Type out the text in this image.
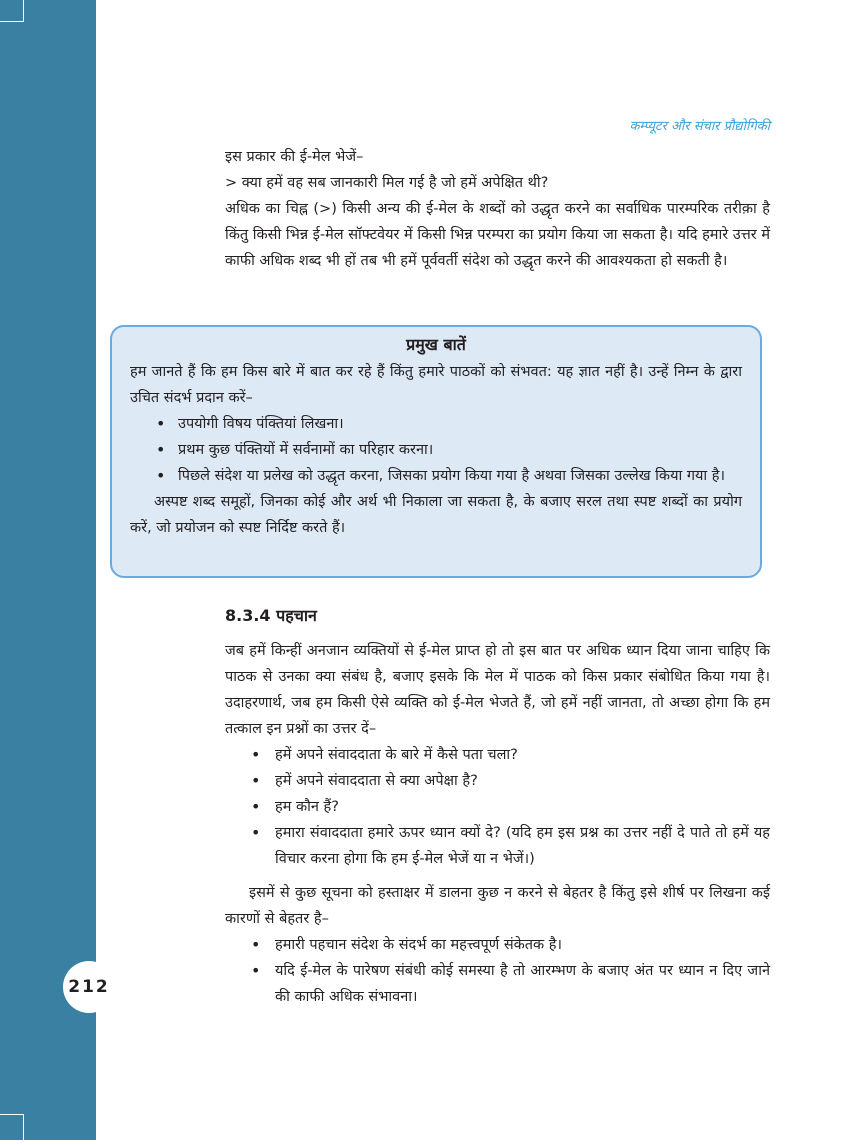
212
कम्प्यूटर और संचार प्रौद्योगिकी

इस प्रकार की ई-मेल भेजें–

> क्या हमें वह सब जानकारी मिल गई है जो हमें अपेक्षित थी?

अधिक का चिह्न (>) किसी अन्य की ई-मेल के शब्दों को उद्धृत करने का सर्वाधिक पारम्परिक तरीक़ा है किंतु किसी भिन्न ई-मेल सॉफ्टवेयर में किसी भिन्न परम्परा का प्रयोग किया जा सकता है। यदि हमारे उत्तर में काफी अधिक शब्द भी हों तब भी हमें पूर्ववर्ती संदेश को उद्धृत करने की आवश्यकता हो सकती है।

प्रमुख बातें

हम जानते हैं कि हम किस बारे में बात कर रहे हैं किंतु हमारे पाठकों को संभवत: यह ज्ञात नहीं है। उन्हें निम्न के द्वारा उचित संदर्भ प्रदान करें–

• उपयोगी विषय पंक्तियां लिखना।
• प्रथम कुछ पंक्तियों में सर्वनामों का परिहार करना।
• पिछले संदेश या प्रलेख को उद्धृत करना, जिसका प्रयोग किया गया है अथवा जिसका उल्लेख किया गया है।

अस्पष्ट शब्द समूहों, जिनका कोई और अर्थ भी निकाला जा सकता है, के बजाए सरल तथा स्पष्ट शब्दों का प्रयोग करें, जो प्रयोजन को स्पष्ट निर्दिष्ट करते हैं।

8.3.4 पहचान

जब हमें किन्हीं अनजान व्यक्तियों से ई-मेल प्राप्त हो तो इस बात पर अधिक ध्यान दिया जाना चाहिए कि पाठक से उनका क्या संबंध है, बजाए इसके कि मेल में पाठक को किस प्रकार संबोधित किया गया है। उदाहरणार्थ, जब हम किसी ऐसे व्यक्ति को ई-मेल भेजते हैं, जो हमें नहीं जानता, तो अच्छा होगा कि हम तत्काल इन प्रश्नों का उत्तर दें–

• हमें अपने संवाददाता के बारे में कैसे पता चला?
• हमें अपने संवाददाता से क्या अपेक्षा है?
• हम कौन हैं?
• हमारा संवाददाता हमारे ऊपर ध्यान क्यों दे? (यदि हम इस प्रश्न का उत्तर नहीं दे पाते तो हमें यह विचार करना होगा कि हम ई-मेल भेजें या न भेजें।)

इसमें से कुछ सूचना को हस्ताक्षर में डालना कुछ न करने से बेहतर है किंतु इसे शीर्ष पर लिखना कई कारणों से बेहतर है–

• हमारी पहचान संदेश के संदर्भ का महत्त्वपूर्ण संकेतक है।
• यदि ई-मेल के पारेषण संबंधी कोई समस्या है तो आरम्भण के बजाए अंत पर ध्यान न दिए जाने की काफी अधिक संभावना।
